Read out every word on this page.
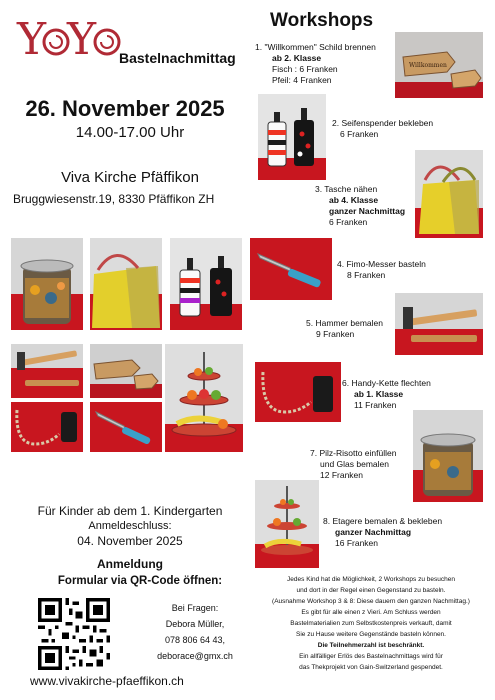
Y Y Bastelnachmittag
26. November 2025
14.00-17.00 Uhr
Viva Kirche Pfäffikon
Bruggwiesenstr.19, 8330 Pfäffikon ZH
Workshops
1. "Willkommen" Schild brennen
ab 2. Klasse
Fisch : 6 Franken
Pfeil: 4 Franken
2. Seifenspender bekleben
6 Franken
3. Tasche nähen
ab 4. Klasse
ganzer Nachmittag
6 Franken
4. Fimo-Messer basteln
8 Franken
5. Hammer bemalen
9 Franken
6. Handy-Kette flechten
ab 1. Klasse
11 Franken
7. Pilz-Risotto einfüllen
und Glas bemalen
12 Franken
8. Etagere bemalen & bekleben
ganzer Nachmittag
16 Franken
Willkommen
Für Kinder ab dem 1. Kindergarten
Anmeldeschluss:
04. November 2025
Anmeldung
Formular via QR-Code öffnen:
Bei Fragen:
Debora Müller,
078 806 64 43,
deborace@gmx.ch
www.vivakirche-pfaeffikon.ch
Jedes Kind hat die Möglichkeit, 2 Workshops zu besuchen
und dort in der Regel einen Gegenstand zu basteln.
(Ausnahme Workshop 3 & 8: Diese dauern den ganzen Nachmittag.)
Es gibt für alle einen z Vieri. Am Schluss werden
Bastelmaterialien zum Selbstkostenpreis verkauft, damit
Sie zu Hause weitere Gegenstände basteln können.
Die Teilnehmerzahl ist beschränkt.
Ein allfälliger Erlös des Bastelnachmittags wird für
das Thekprojekt von Gain-Switzerland gespendet.
